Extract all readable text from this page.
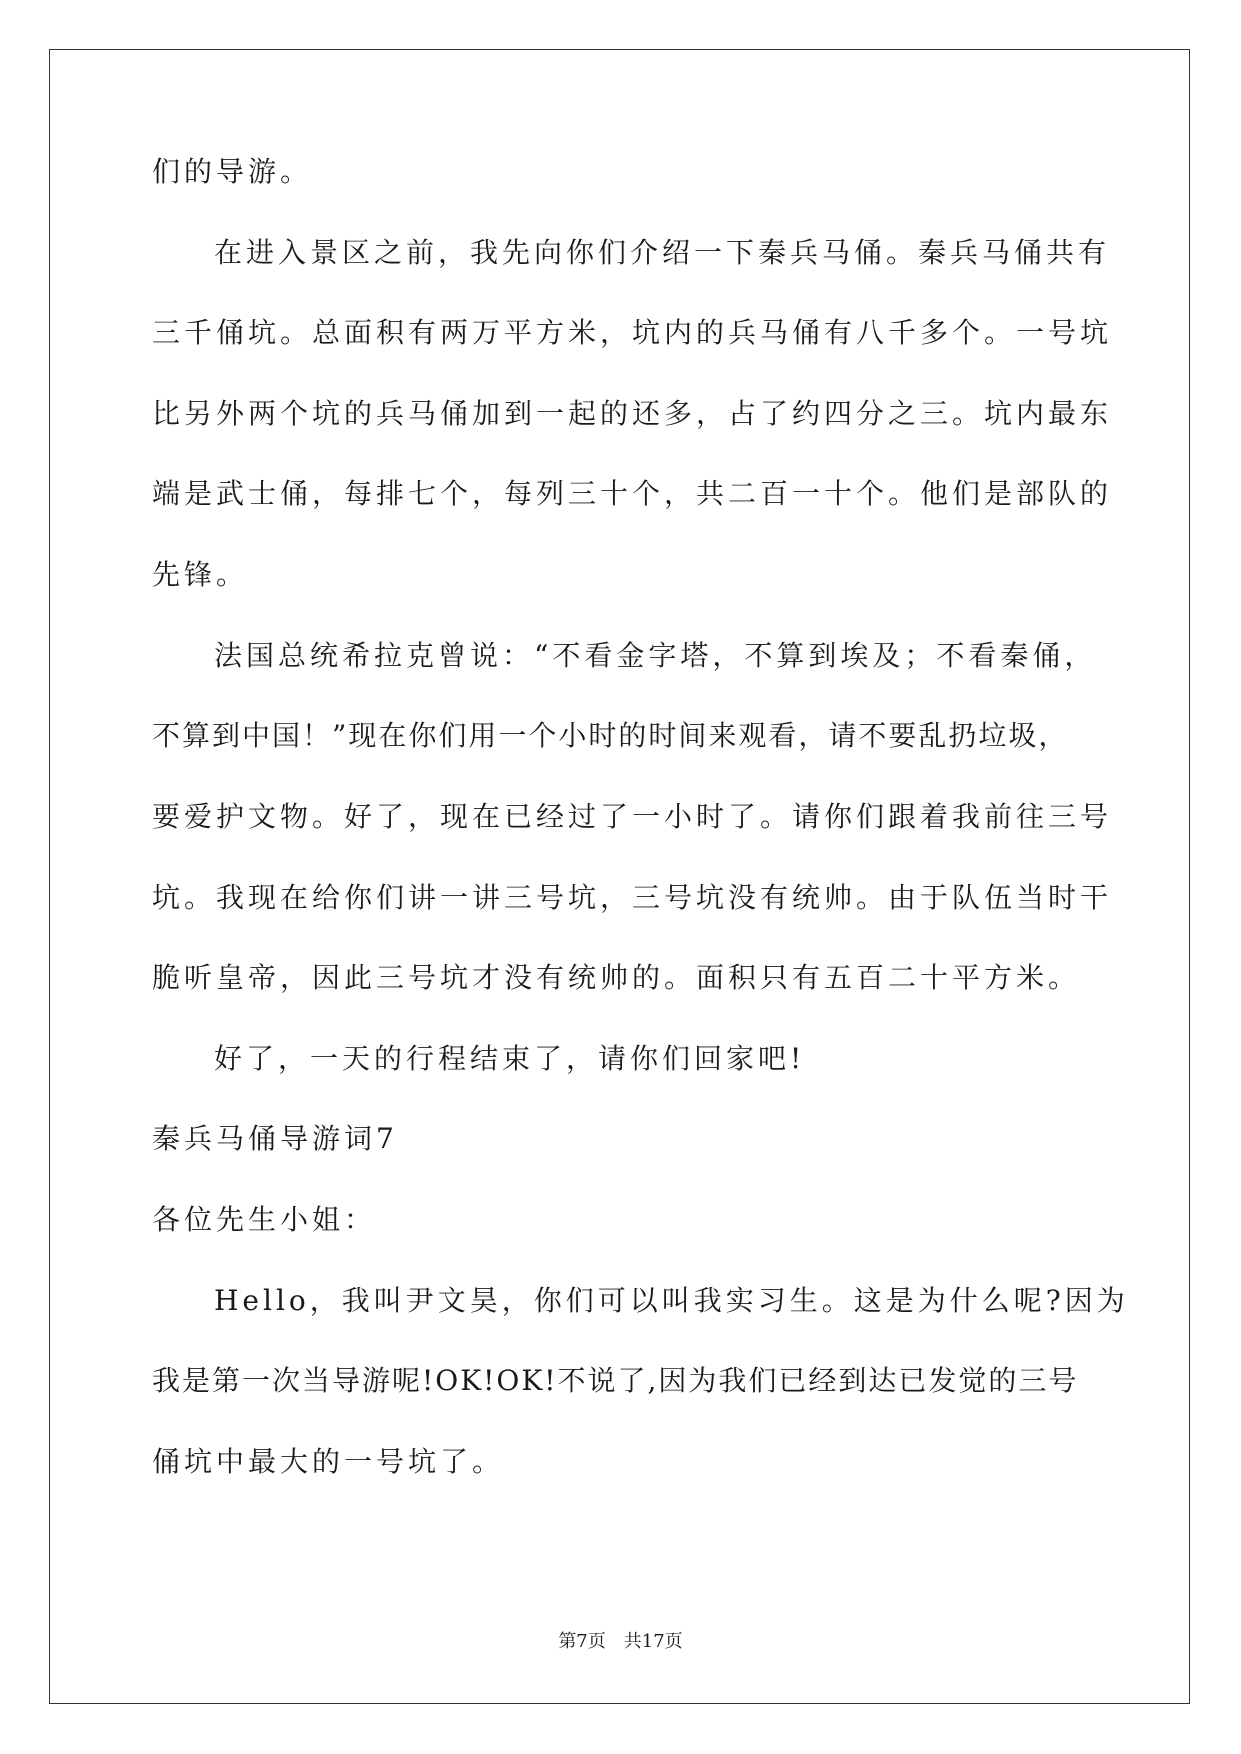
们的导游。
在进入景区之前，我先向你们介绍一下秦兵马俑。秦兵马俑共有
三千俑坑。总面积有两万平方米，坑内的兵马俑有八千多个。一号坑
比另外两个坑的兵马俑加到一起的还多，占了约四分之三。坑内最东
端是武士俑，每排七个，每列三十个，共二百一十个。他们是部队的
先锋。
法国总统希拉克曾说：“不看金字塔，不算到埃及；不看秦俑，
不算到中国！”现在你们用一个小时的时间来观看，请不要乱扔垃圾，
要爱护文物。好了，现在已经过了一小时了。请你们跟着我前往三号
坑。我现在给你们讲一讲三号坑，三号坑没有统帅。由于队伍当时干
脆听皇帝，因此三号坑才没有统帅的。面积只有五百二十平方米。
好了，一天的行程结束了，请你们回家吧!
秦兵马俑导游词7
各位先生小姐：
Hello，我叫尹文昊，你们可以叫我实习生。这是为什么呢?因为
我是第一次当导游呢!OK!OK!不说了,因为我们已经到达已发觉的三号
俑坑中最大的一号坑了。
第7页　共17页
